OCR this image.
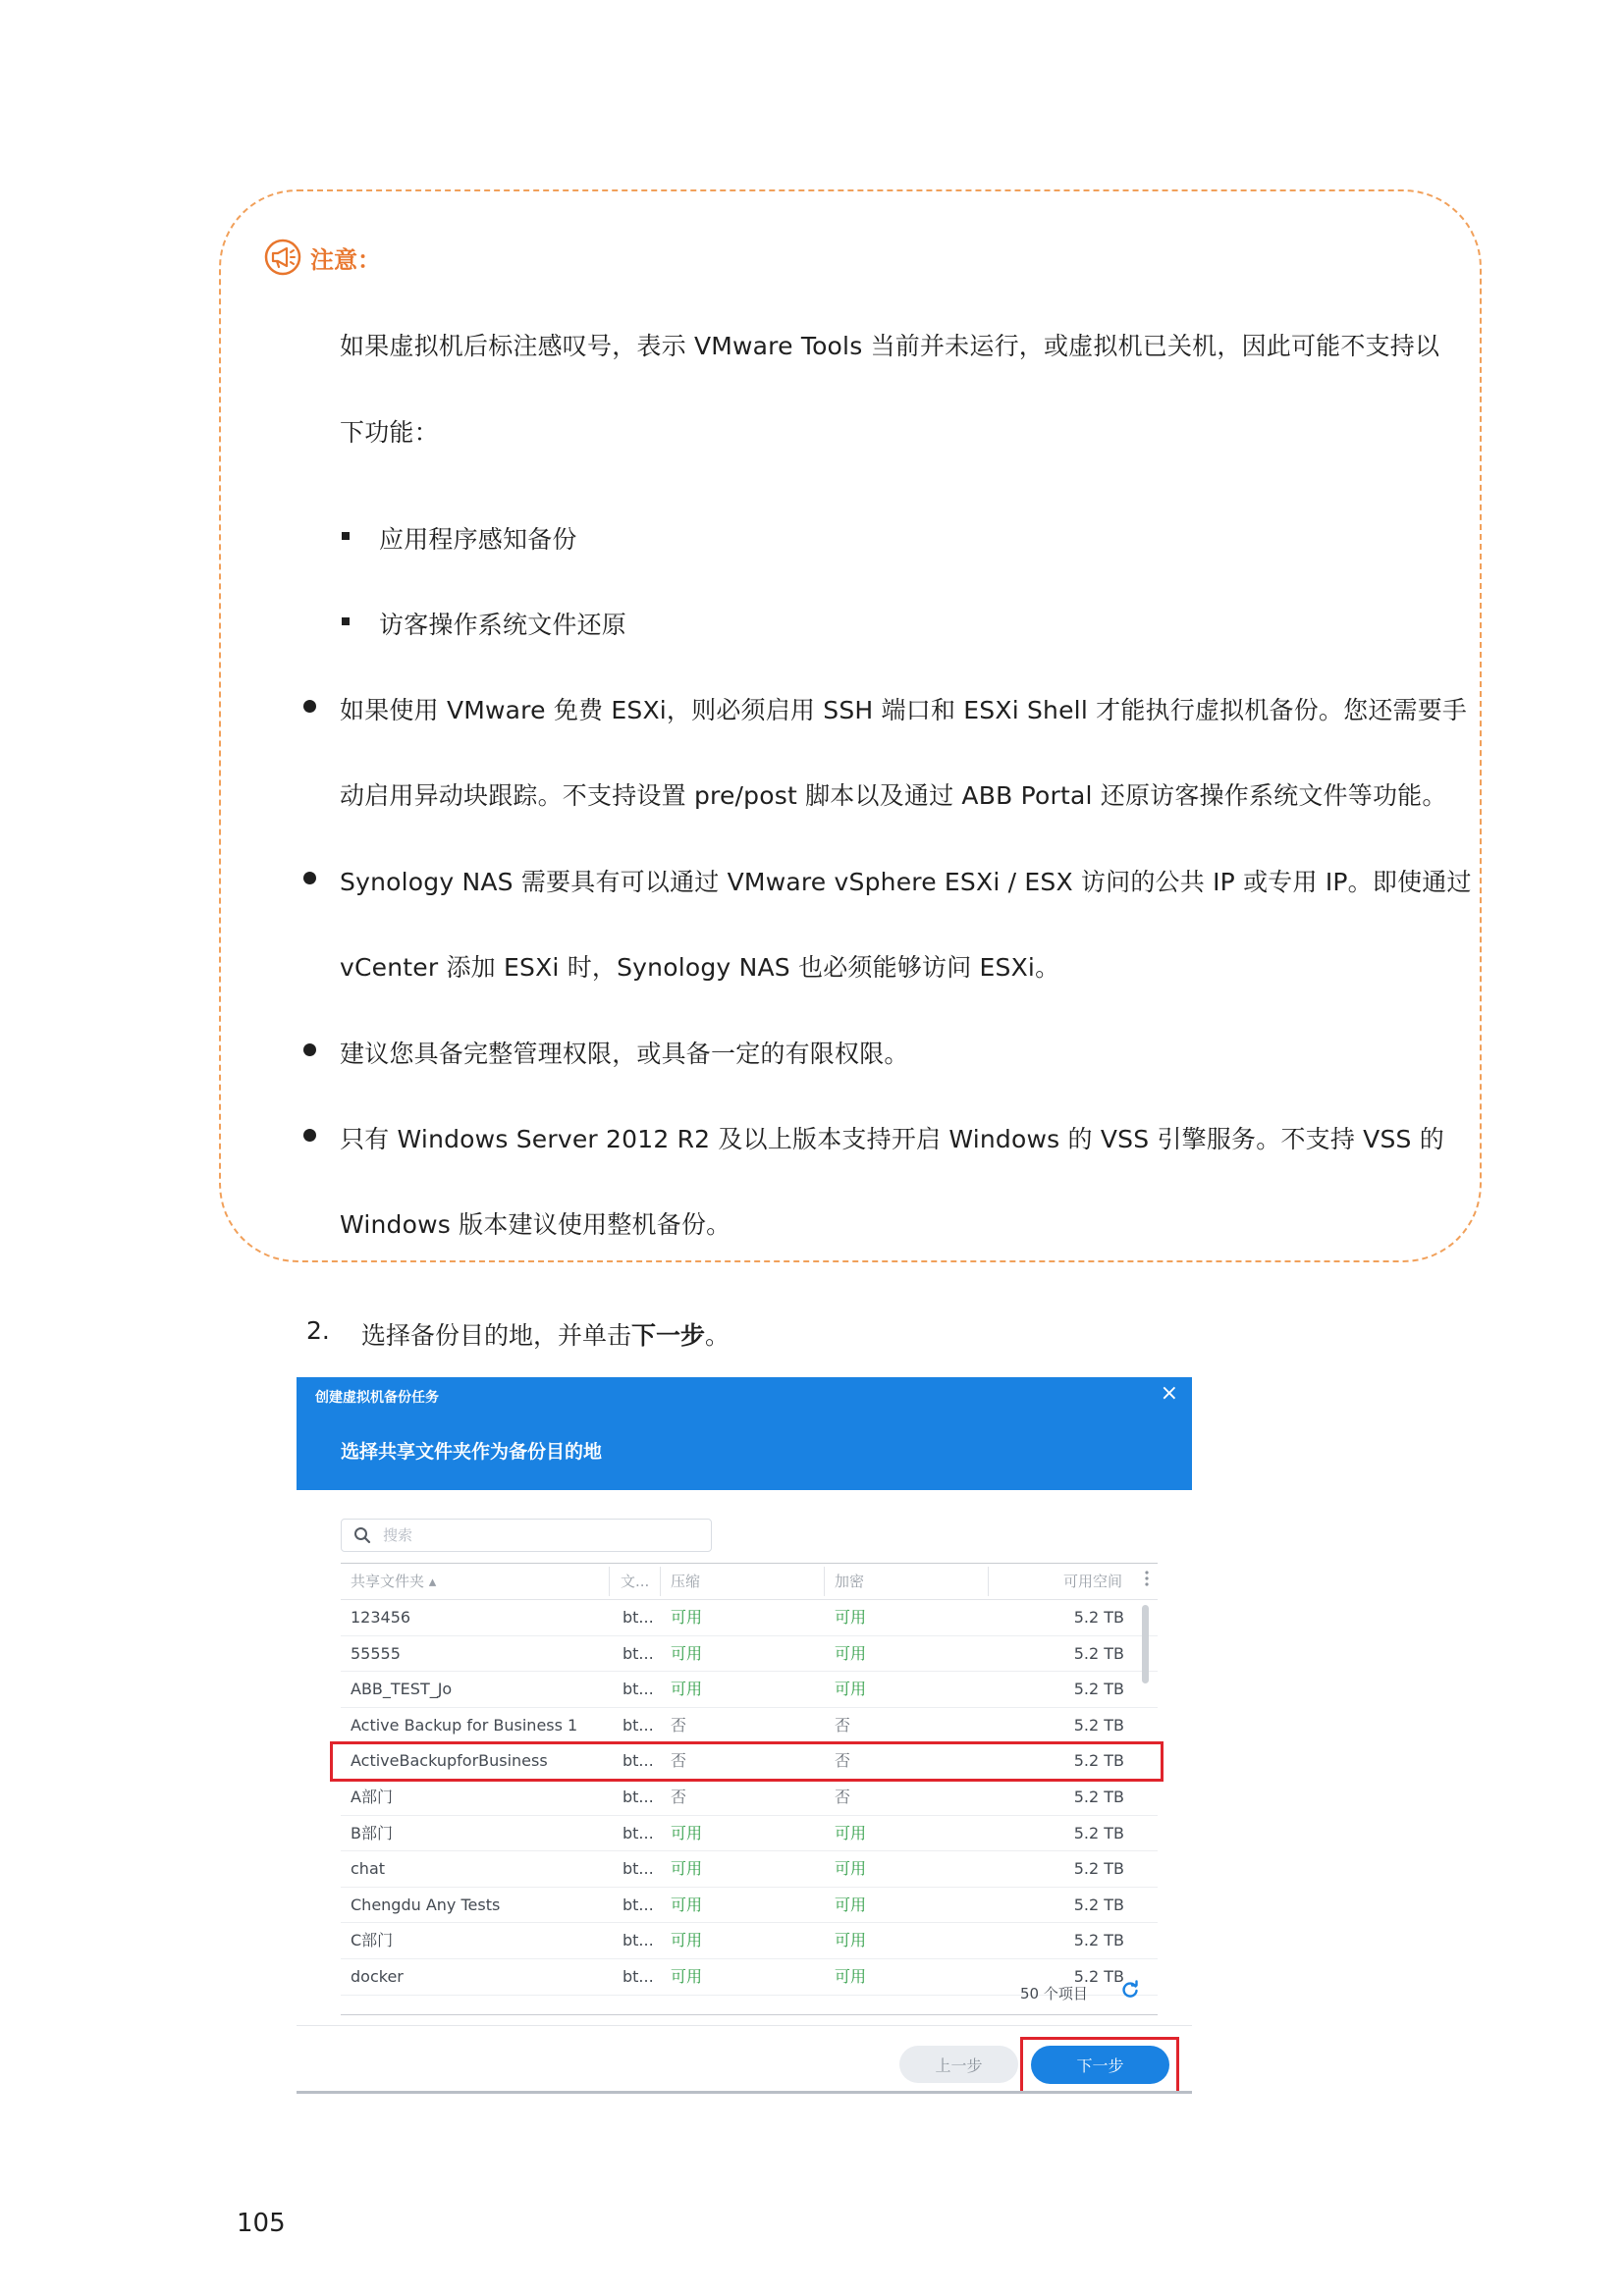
注意：
如果虚拟机后标注感叹号，表示 VMware Tools 当前并未运行，或虚拟机已关机，因此可能不支持以
下功能：
应用程序感知备份
访客操作系统文件还原
如果使用 VMware 免费 ESXi，则必须启用 SSH 端口和 ESXi Shell 才能执行虚拟机备份。您还需要手
动启用异动块跟踪。不支持设置 pre/post 脚本以及通过 ABB Portal 还原访客操作系统文件等功能。
Synology NAS 需要具有可以通过 VMware vSphere ESXi / ESX 访问的公共 IP 或专用 IP。即使通过
vCenter 添加 ESXi 时，Synology NAS 也必须能够访问 ESXi。
建议您具备完整管理权限，或具备一定的有限权限。
只有 Windows Server 2012 R2 及以上版本支持开启 Windows 的 VSS 引擎服务。不支持 VSS 的
Windows 版本建议使用整机备份。
2. 选择备份目的地，并单击下一步。
创建虚拟机备份任务	×
选择共享文件夹作为备份目的地
搜索
共享文件夹 ▴	文... 压缩	加密	可用空间
123456	bt... 可用	可用	5.2 TB
55555	bt... 可用	可用	5.2 TB
ABB_TEST_Jo	bt... 可用	可用	5.2 TB
Active Backup for Business 1	bt... 否	否	5.2 TB
ActiveBackupforBusiness	bt... 否	否	5.2 TB
A部门	bt... 否	否	5.2 TB
B部门	bt... 可用	可用	5.2 TB
chat	bt... 可用	可用	5.2 TB
Chengdu Any Tests	bt... 可用	可用	5.2 TB
C部门	bt... 可用	可用	5.2 TB
docker	bt... 可用	可用	5.2 TB
50 个项目
上一步	下一步
105
